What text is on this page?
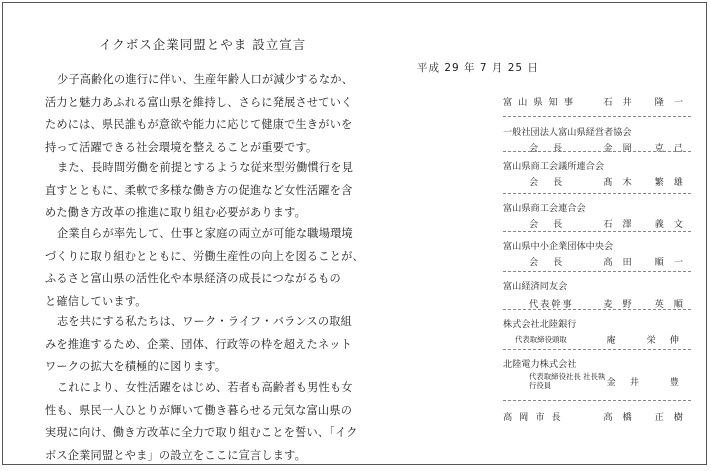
イクボス企業同盟とやま 設立宣言

少子高齢化の進行に伴い、生産年齢人口が減少するなか、
活力と魅力あふれる富山県を維持し、さらに発展させていく
ためには、県民誰もが意欲や能力に応じて健康で生きがいを
持って活躍できる社会環境を整えることが重要です。

また、長時間労働を前提とするような従来型労働慣行を見
直すとともに、柔軟で多様な働き方の促進など女性活躍を含
めた働き方改革の推進に取り組む必要があります。

企業自らが率先して、仕事と家庭の両立が可能な職場環境
づくりに取り組むとともに、労働生産性の向上を図ることが、
ふるさと富山県の活性化や本県経済の成長につながるもの
と確信しています。

志を共にする私たちは、ワーク・ライフ・バランスの取組
みを推進するため、企業、団体、行政等の枠を超えたネット
ワークの拡大を積極的に図ります。

これにより、女性活躍をはじめ、若者も高齢者も男性も女
性も、県民一人ひとりが輝いて働き暮らせる元気な富山県の
実現に向け、働き方改革に全力で取り組むことを誓い、「イク
ボス企業同盟とやま」の設立をここに宣言します。

平成 29 年 7 月 25 日
富山県知事	石井 隆一
一般社団法人富山県経営者協会
会 長	金岡 克己
富山県商工会議所連合会
会 長	髙木 繁雄
富山県商工会連合会
会 長	石澤 義文
富山県中小企業団体中央会
会 長	高田 順一
富山経済同友会
代表幹事	麦野 英順
株式会社北陸銀行
代表取締役頭取	庵 栄伸
北陸電力株式会社
代表取締役社長 社長執行役員	金井 豊
高岡市長	高橋 正樹
